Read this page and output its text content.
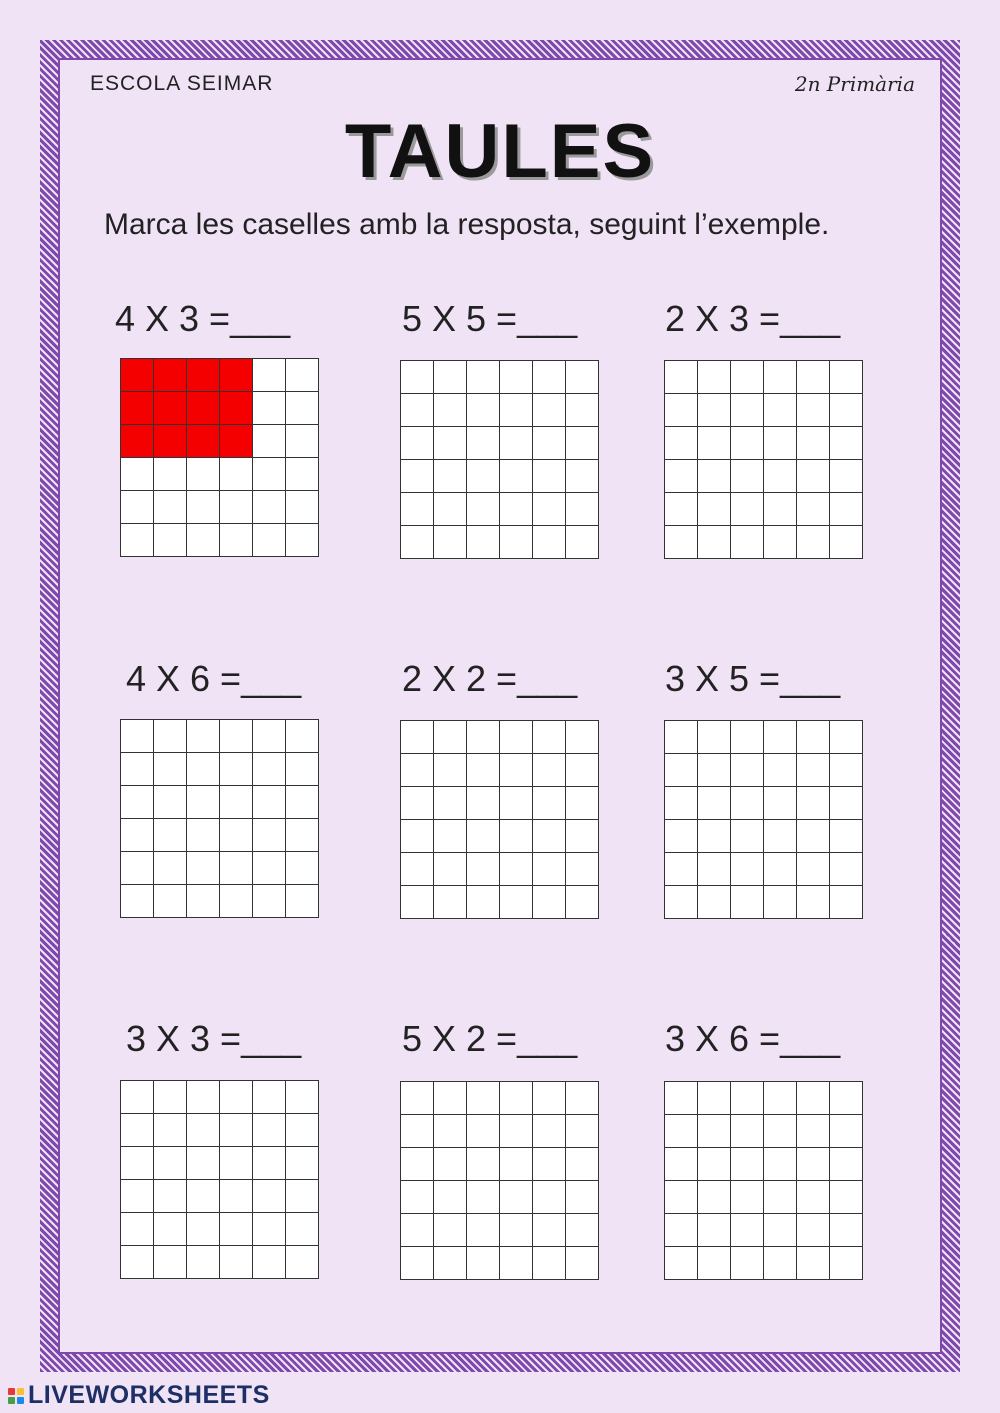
ESCOLA SEIMAR	2n Primària
TAULES
Marca les caselles amb la resposta, seguint l’exemple.
4 X 3 =___	5 X 5 =___ 2 X 3 =___
4 X 6 =___	2 X 2 =___ 3 X 5 =___
3 X 3 =___	5 X 2 =___ 3 X 6 =___
LIVEWORKSHEETS
